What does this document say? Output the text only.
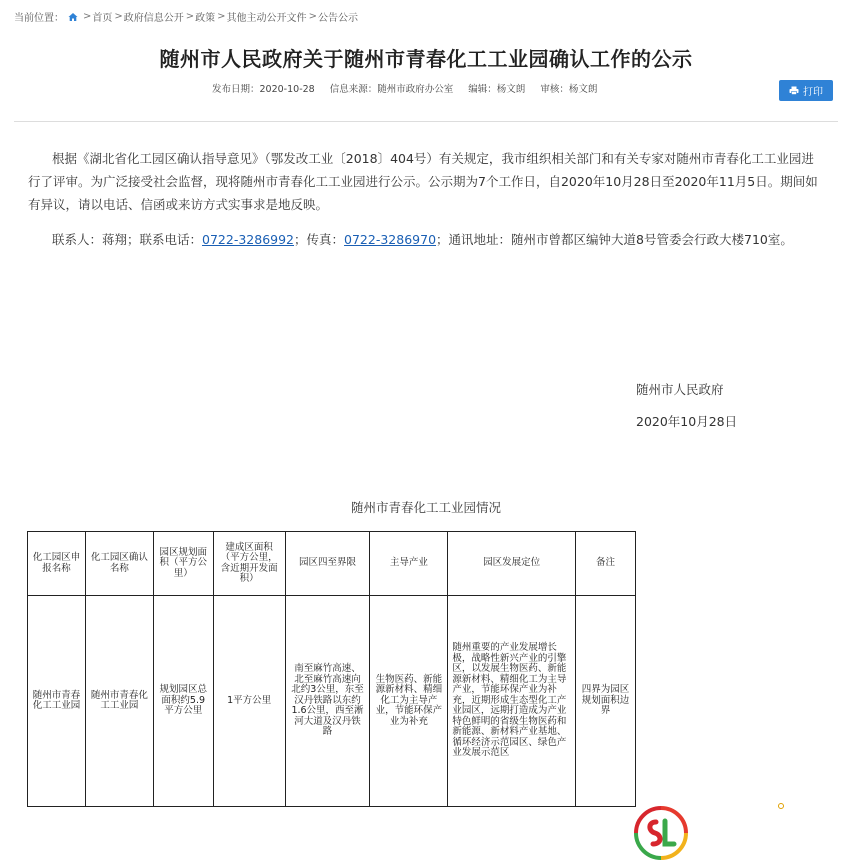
当前位置： > 首页 > 政府信息公开 > 政策 > 其他主动公开文件 > 公告公示
随州市人民政府关于随州市青春化工工业园确认工作的公示
发布日期：2020-10-28 信息来源：随州市政府办公室 编辑：杨文朗 审核：杨文朗	打印

根据《湖北省化工园区确认指导意见》（鄂发改工业〔2018〕404号）有关规定，我市组织相关部门和有关专家对随州市青春化工工业园进行了评审。为广泛接受社会监督，现将随州市青春化工工业园进行公示。公示期为7个工作日，自2020年10月28日至2020年11月5日。期间如有异议，请以电话、信函或来访方式实事求是地反映。

联系人：蒋翔；联系电话：0722-3286992；传真：0722-3286970；通讯地址：随州市曾都区编钟大道8号管委会行政大楼710室。

随州市人民政府
2020年10月28日
随州市青春化工工业园情况
化工园区申报名称	化工园区确认名称	园区规划面积（平方公里）	建成区面积（平方公里，含近期开发面积）	园区四至界限	主导产业	园区发展定位	备注
随州市青春化工工业园	随州市青春化工工业园	规划园区总面积约5.9平方公里	1平方公里	南至麻竹高速、北至麻竹高速向北约3公里，东至汉丹铁路以东约1.6公里，西至淅河大道及汉丹铁路	生物医药、新能源新材料、精细化工为主导产业，节能环保产业为补充	随州重要的产业发展增长极，战略性新兴产业的引擎区，以发展生物医药、新能源新材料、精细化工为主导产业，节能环保产业为补充，近期形成生态型化工产业园区，远期打造成为产业特色鲜明的省级生物医药和新能源、新材料产业基地、循环经济示范园区、绿色产业发展示范区	四界为园区规划面积边界
